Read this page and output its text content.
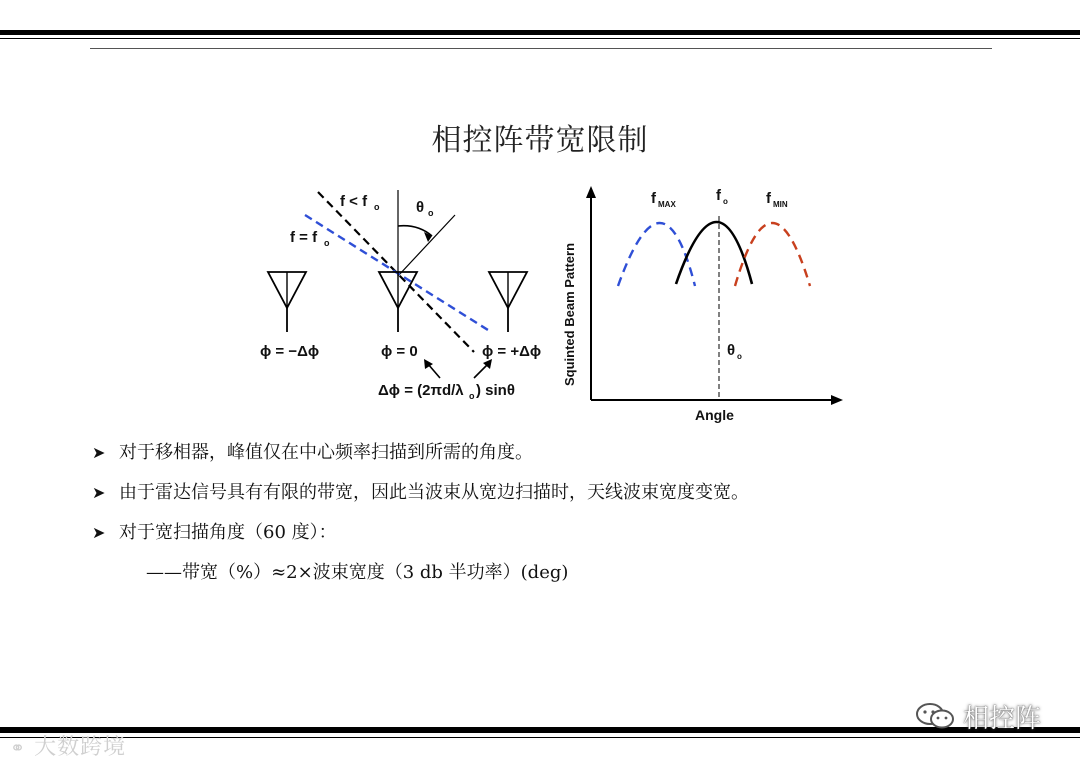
相控阵带宽限制
θ o
f < f o
f = f o
ϕ = −Δϕ	ϕ = 0	ϕ = +Δϕ
Δϕ = (2πd/λ o ) sinθ
Squinted Beam Pattern
Angle
f MAX
f o	f MIN
θ o
➤ 对于移相器，峰值仅在中心频率扫描到所需的角度。
➤ 由于雷达信号具有有限的带宽，因此当波束从宽边扫描时，天线波束宽度变宽。
➤ 对于宽扫描角度（60 度）：
——带宽（%）≈2×波束宽度（3 db 半功率）(deg)
⚭ 大数跨境
相控阵
